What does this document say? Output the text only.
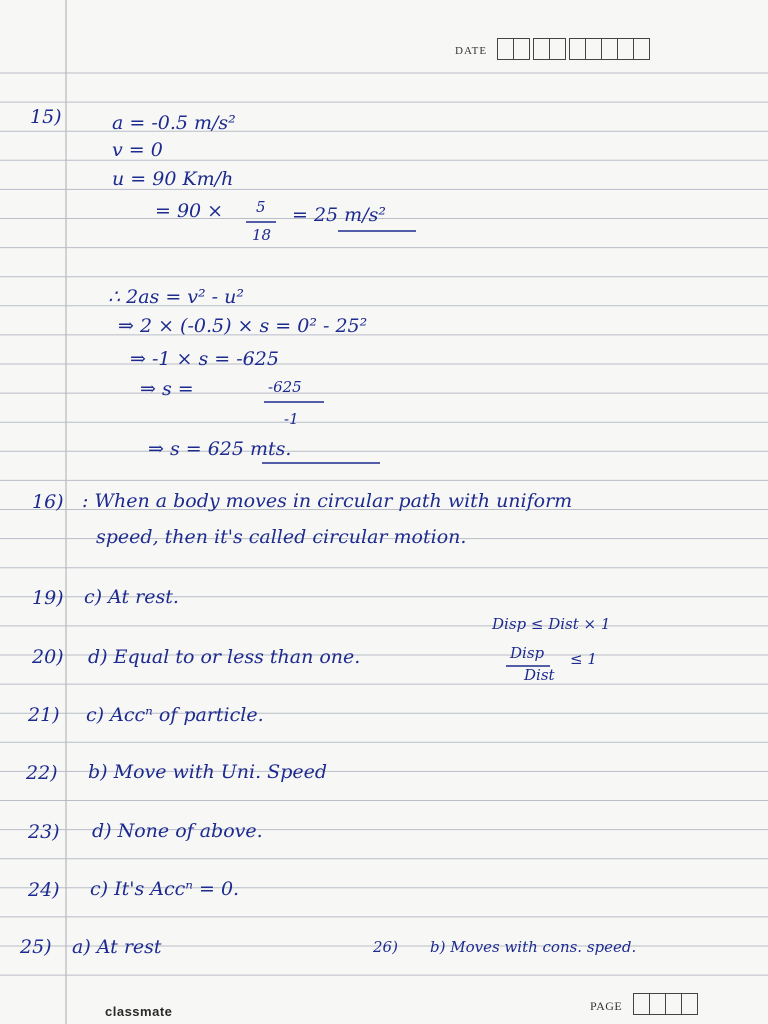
DATE
15)	a = -0.5 m/s²
v = 0
u = 90 Km/h
= 90 × 5
18
= 25 m/s²
∴ 2as = v² - u²
⇒ 2 × (-0.5) × s = 0² - 25²
⇒ -1 × s = -625
⇒ s =	-625
-1
⇒ s = 625 mts.
16) : When a body moves in circular path with uniform
speed, then it's called circular motion.
19) c) At rest.
20) d) Equal to or less than one.
Disp ≤ Dist × 1
Disp
Dist
≤ 1
21) c) Accⁿ of particle.
22) b) Move with Uni. Speed
23) d) None of above.
24) c) It's Accⁿ = 0.
25) a) At rest	26) b) Moves with cons. speed.
classmate	PAGE
